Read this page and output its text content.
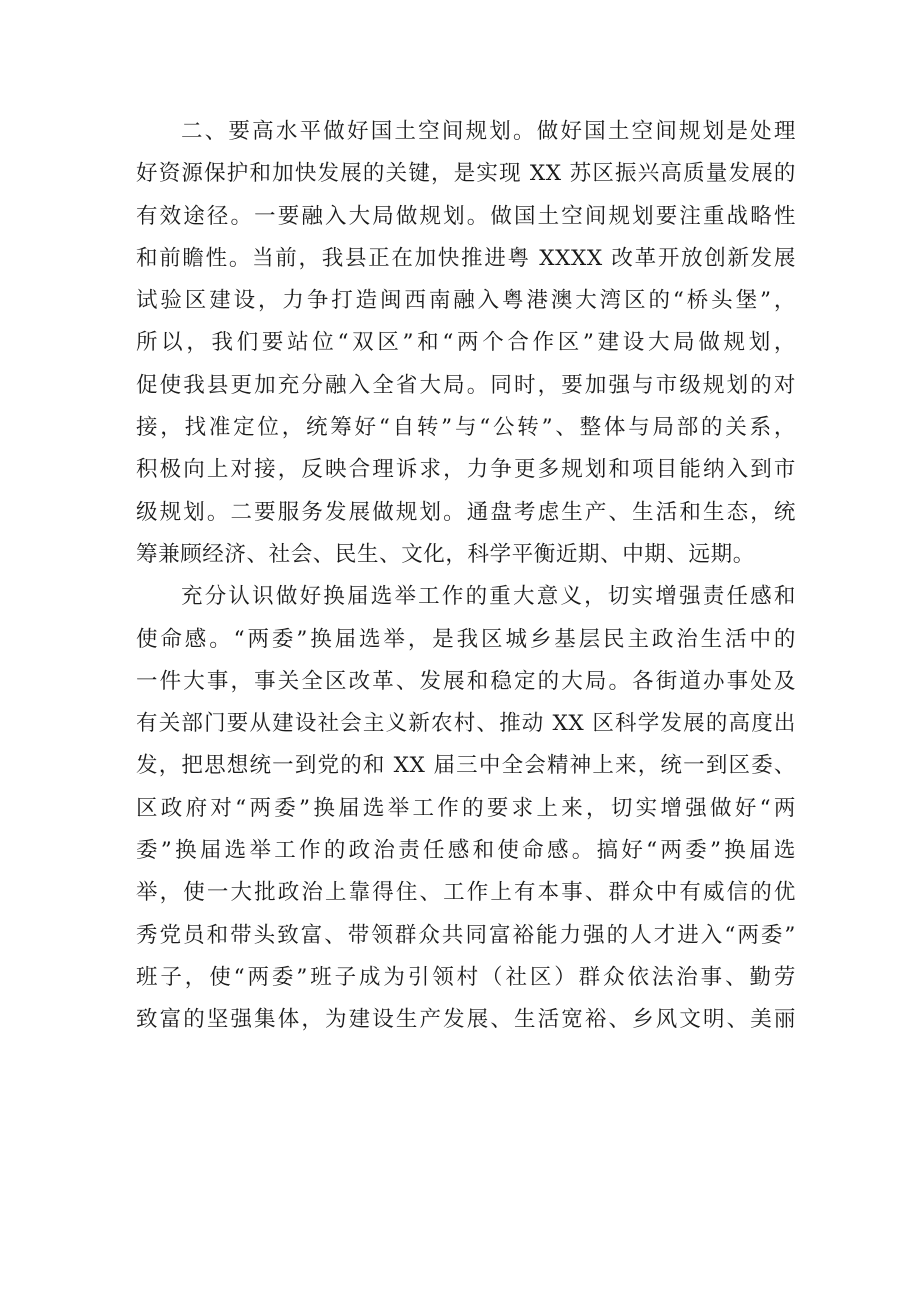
二、要高水平做好国土空间规划。做好国土空间规划是处理
好资源保护和加快发展的关键，是实现 XX 苏区振兴高质量发展的
有效途径。一要融入大局做规划。做国土空间规划要注重战略性
和前瞻性。当前，我县正在加快推进粤 XXXX 改革开放创新发展
试验区建设，力争打造闽西南融入粤港澳大湾区的“桥头堡”，
所以，我们要站位“双区”和“两个合作区”建设大局做规划，
促使我县更加充分融入全省大局。同时，要加强与市级规划的对
接，找准定位，统筹好“自转”与“公转”、整体与局部的关系，
积极向上对接，反映合理诉求，力争更多规划和项目能纳入到市
级规划。二要服务发展做规划。通盘考虑生产、生活和生态，统
筹兼顾经济、社会、民生、文化，科学平衡近期、中期、远期。
充分认识做好换届选举工作的重大意义，切实增强责任感和
使命感。“两委”换届选举，是我区城乡基层民主政治生活中的
一件大事，事关全区改革、发展和稳定的大局。各街道办事处及
有关部门要从建设社会主义新农村、推动 XX 区科学发展的高度出
发，把思想统一到党的和 XX 届三中全会精神上来，统一到区委、
区政府对“两委”换届选举工作的要求上来，切实增强做好“两
委”换届选举工作的政治责任感和使命感。搞好“两委”换届选
举，使一大批政治上靠得住、工作上有本事、群众中有威信的优
秀党员和带头致富、带领群众共同富裕能力强的人才进入“两委”
班子，使“两委”班子成为引领村（社区）群众依法治事、勤劳
致富的坚强集体，为建设生产发展、生活宽裕、乡风文明、美丽
